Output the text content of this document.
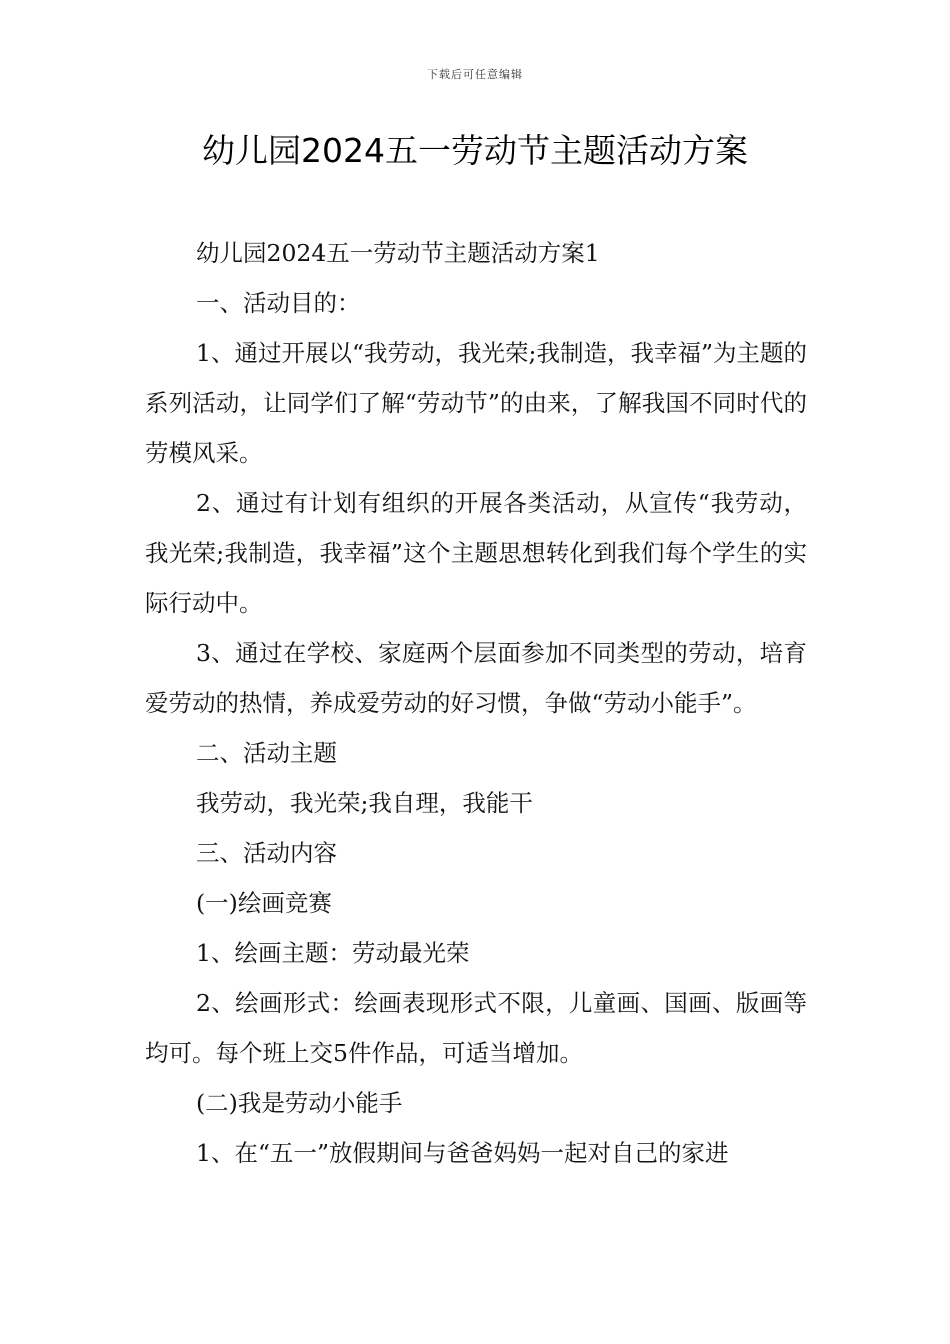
下载后可任意编辑
幼儿园2024五一劳动节主题活动方案

幼儿园2024五一劳动节主题活动方案1

一、活动目的：

1、通过开展以“我劳动，我光荣;我制造，我幸福”为主题的系列活动，让同学们了解“劳动节”的由来，了解我国不同时代的劳模风采。

2、通过有计划有组织的开展各类活动，从宣传“我劳动，我光荣;我制造，我幸福”这个主题思想转化到我们每个学生的实际行动中。

3、通过在学校、家庭两个层面参加不同类型的劳动，培育爱劳动的热情，养成爱劳动的好习惯，争做“劳动小能手”。

二、活动主题

我劳动，我光荣;我自理，我能干

三、活动内容

(一)绘画竞赛

1、绘画主题：劳动最光荣

2、绘画形式：绘画表现形式不限，儿童画、国画、版画等均可。每个班上交5件作品，可适当增加。

(二)我是劳动小能手

1、在“五一”放假期间与爸爸妈妈一起对自己的家进
